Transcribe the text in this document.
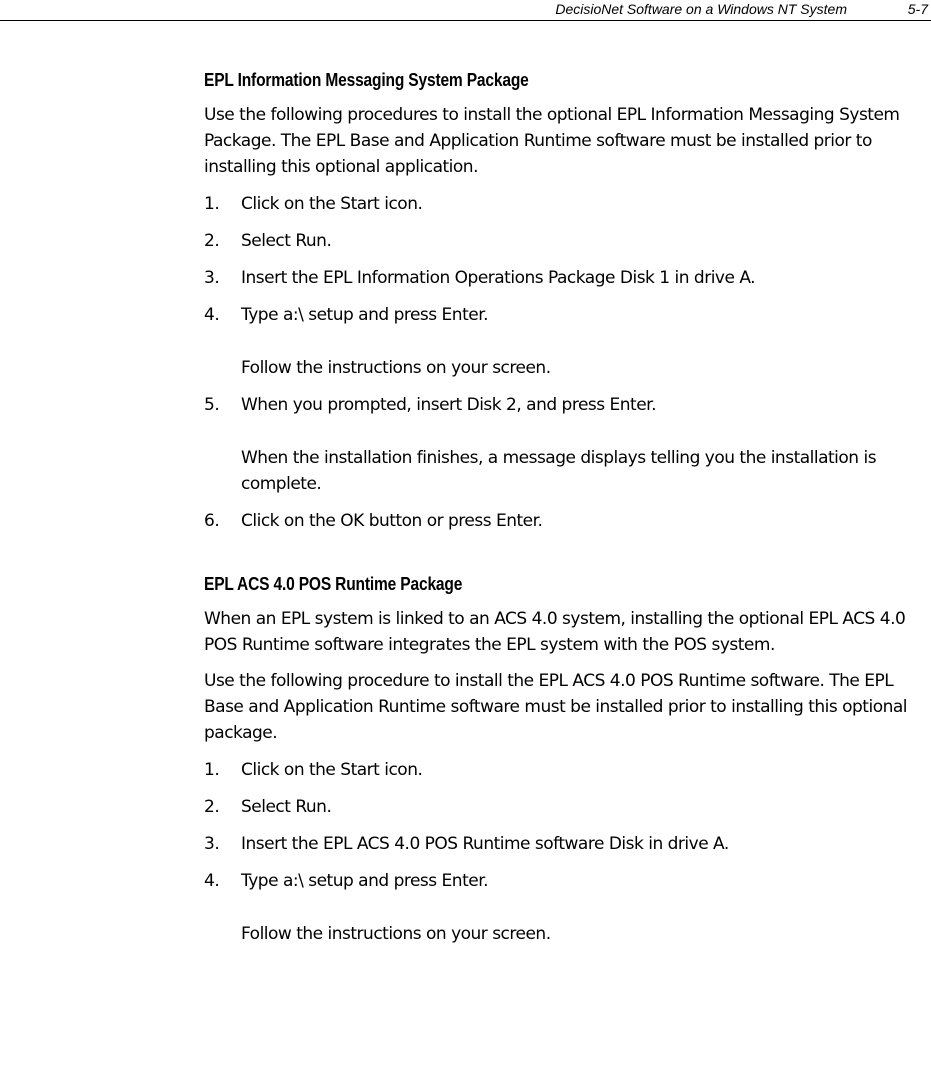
DecisioNet Software on a Windows NT System	5-7
EPL Information Messaging System Package

Use the following procedures to install the optional EPL Information Messaging System Package. The EPL Base and Application Runtime software must be installed prior to installing this optional application.

1. Click on the Start icon.
2. Select Run.
3. Insert the EPL Information Operations Package Disk 1 in drive A.
4. Type a:\ setup and press Enter.
Follow the instructions on your screen.
5. When you prompted, insert Disk 2, and press Enter.
When the installation finishes, a message displays telling you the installation is complete.
6. Click on the OK button or press Enter.
EPL ACS 4.0 POS Runtime Package

When an EPL system is linked to an ACS 4.0 system, installing the optional EPL ACS 4.0 POS Runtime software integrates the EPL system with the POS system.

Use the following procedure to install the EPL ACS 4.0 POS Runtime software. The EPL Base and Application Runtime software must be installed prior to installing this optional package.

1. Click on the Start icon.
2. Select Run.
3. Insert the EPL ACS 4.0 POS Runtime software Disk in drive A.
4. Type a:\ setup and press Enter.
Follow the instructions on your screen.
